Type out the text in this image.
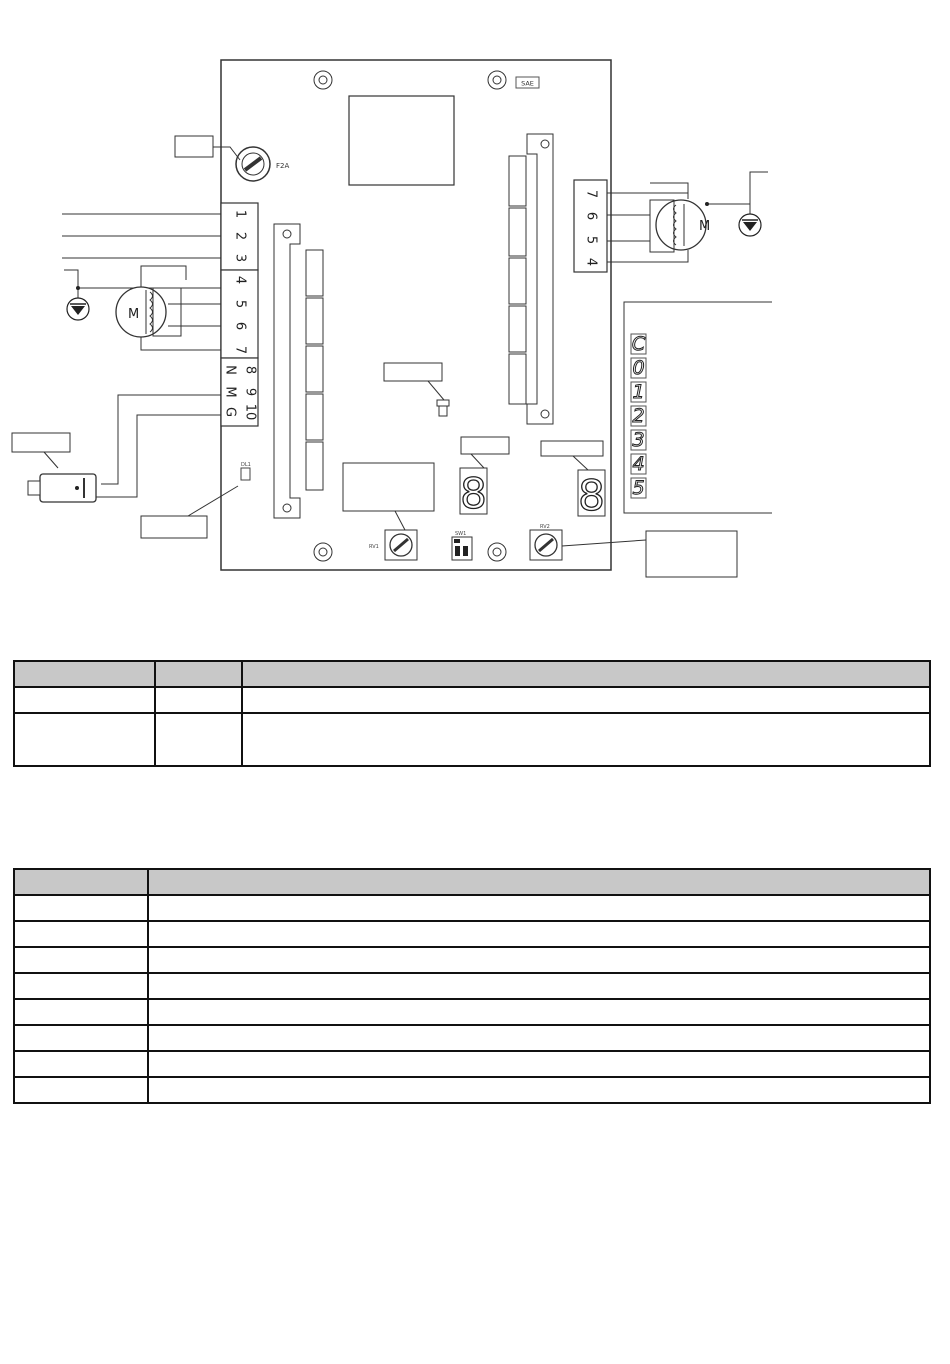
SAE
F2A
1
2
3
4
5
6
7
8
9
10
N
M
G
M
DL1
RV1
SW1
RV2
8 8
4
5
6
7
M
C
0
1
2
3
4
5
